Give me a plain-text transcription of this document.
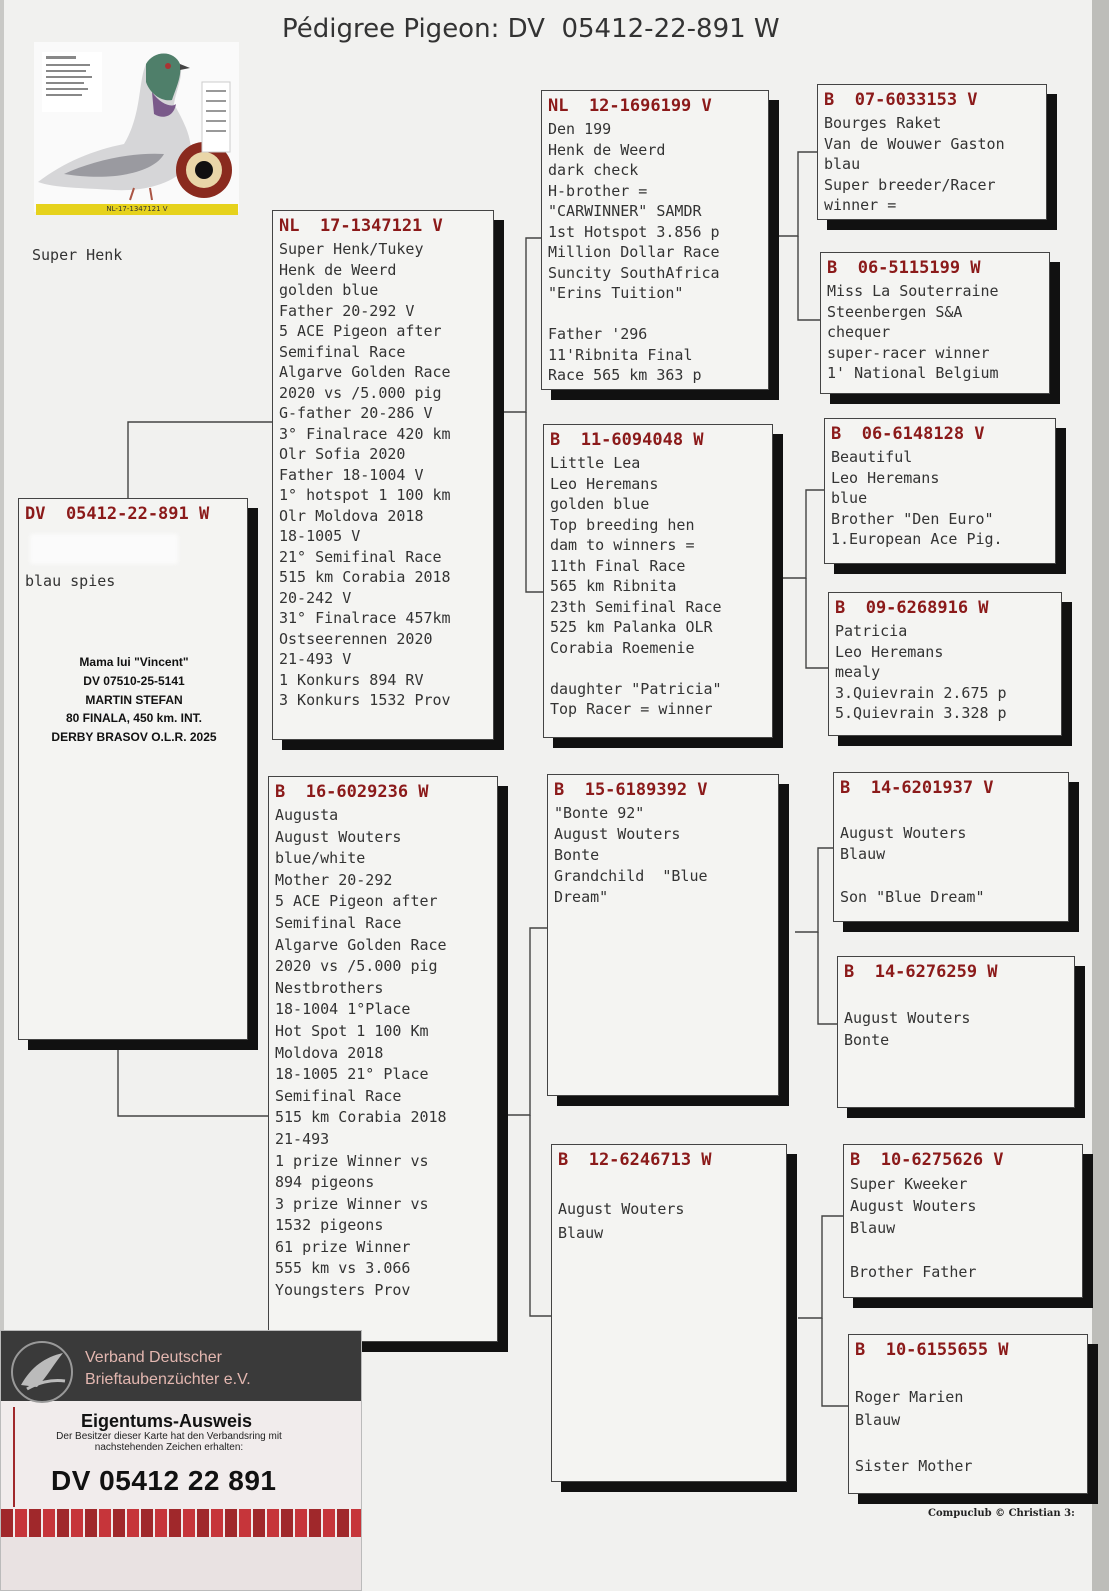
Pédigree Pigeon: DV  05412-22-891 W
NL-17-1347121 V
Super Henk
DV  05412-22-891 W
blau spies
Mama lui "Vincent"
DV 07510-25-5141
MARTIN STEFAN
80 FINALA, 450 km. INT.
DERBY BRASOV O.L.R. 2025
NL  17-1347121 V
Super Henk/Tukey
Henk de Weerd
golden blue
Father 20-292 V
5 ACE Pigeon after
Semifinal Race
Algarve Golden Race
2020 vs /5.000 pig
G-father 20-286 V
3° Finalrace 420 km
Olr Sofia 2020
Father 18-1004 V
1° hotspot 1 100 km
Olr Moldova 2018
18-1005 V
21° Semifinal Race
515 km Corabia 2018
20-242 V
31° Finalrace 457km
Ostseerennen 2020
21-493 V
1 Konkurs 894 RV
3 Konkurs 1532 Prov
B  16-6029236 W
Augusta
August Wouters
blue/white
Mother 20-292
5 ACE Pigeon after
Semifinal Race
Algarve Golden Race
2020 vs /5.000 pig
Nestbrothers
18-1004 1°Place
Hot Spot 1 100 Km
Moldova 2018
18-1005 21° Place
Semifinal Race
515 km Corabia 2018
21-493
1 prize Winner vs
894 pigeons
3 prize Winner vs
1532 pigeons
61 prize Winner
555 km vs 3.066
Youngsters Prov
NL  12-1696199 V
Den 199
Henk de Weerd
dark check
H-brother =
"CARWINNER" SAMDR
1st Hotspot 3.856 p
Million Dollar Race
Suncity SouthAfrica
"Erins Tuition"

Father '296
11'Ribnita Final
Race 565 km 363 p
B  11-6094048 W
Little Lea
Leo Heremans
golden blue
Top breeding hen
dam to winners =
11th Final Race
565 km Ribnita
23th Semifinal Race
525 km Palanka OLR
Corabia Roemenie

daughter "Patricia"
Top Racer = winner
B  15-6189392 V
"Bonte 92"
August Wouters
Bonte
Grandchild  "Blue
Dream"
B  12-6246713 W

August Wouters
Blauw
B  07-6033153 V
Bourges Raket
Van de Wouwer Gaston
blau
Super breeder/Racer
winner =
B  06-5115199 W
Miss La Souterraine
Steenbergen S&A
chequer
super-racer winner
1' National Belgium
B  06-6148128 V
Beautiful
Leo Heremans
blue
Brother "Den Euro"
1.European Ace Pig.
B  09-6268916 W
Patricia
Leo Heremans
mealy
3.Quievrain 2.675 p
5.Quievrain 3.328 p
B  14-6201937 V

August Wouters
Blauw

Son "Blue Dream"
B  14-6276259 W

August Wouters
Bonte
B  10-6275626 V
Super Kweeker
August Wouters
Blauw

Brother Father
B  10-6155655 W

Roger Marien
Blauw

Sister Mother
Compuclub © Christian 3:
Verband Deutscher
Brieftaubenzüchter e.V.
Eigentums-Ausweis
Der Besitzer dieser Karte hat den Verbandsring mit nachstehenden Zeichen erhalten:
DV 05412 22 891
